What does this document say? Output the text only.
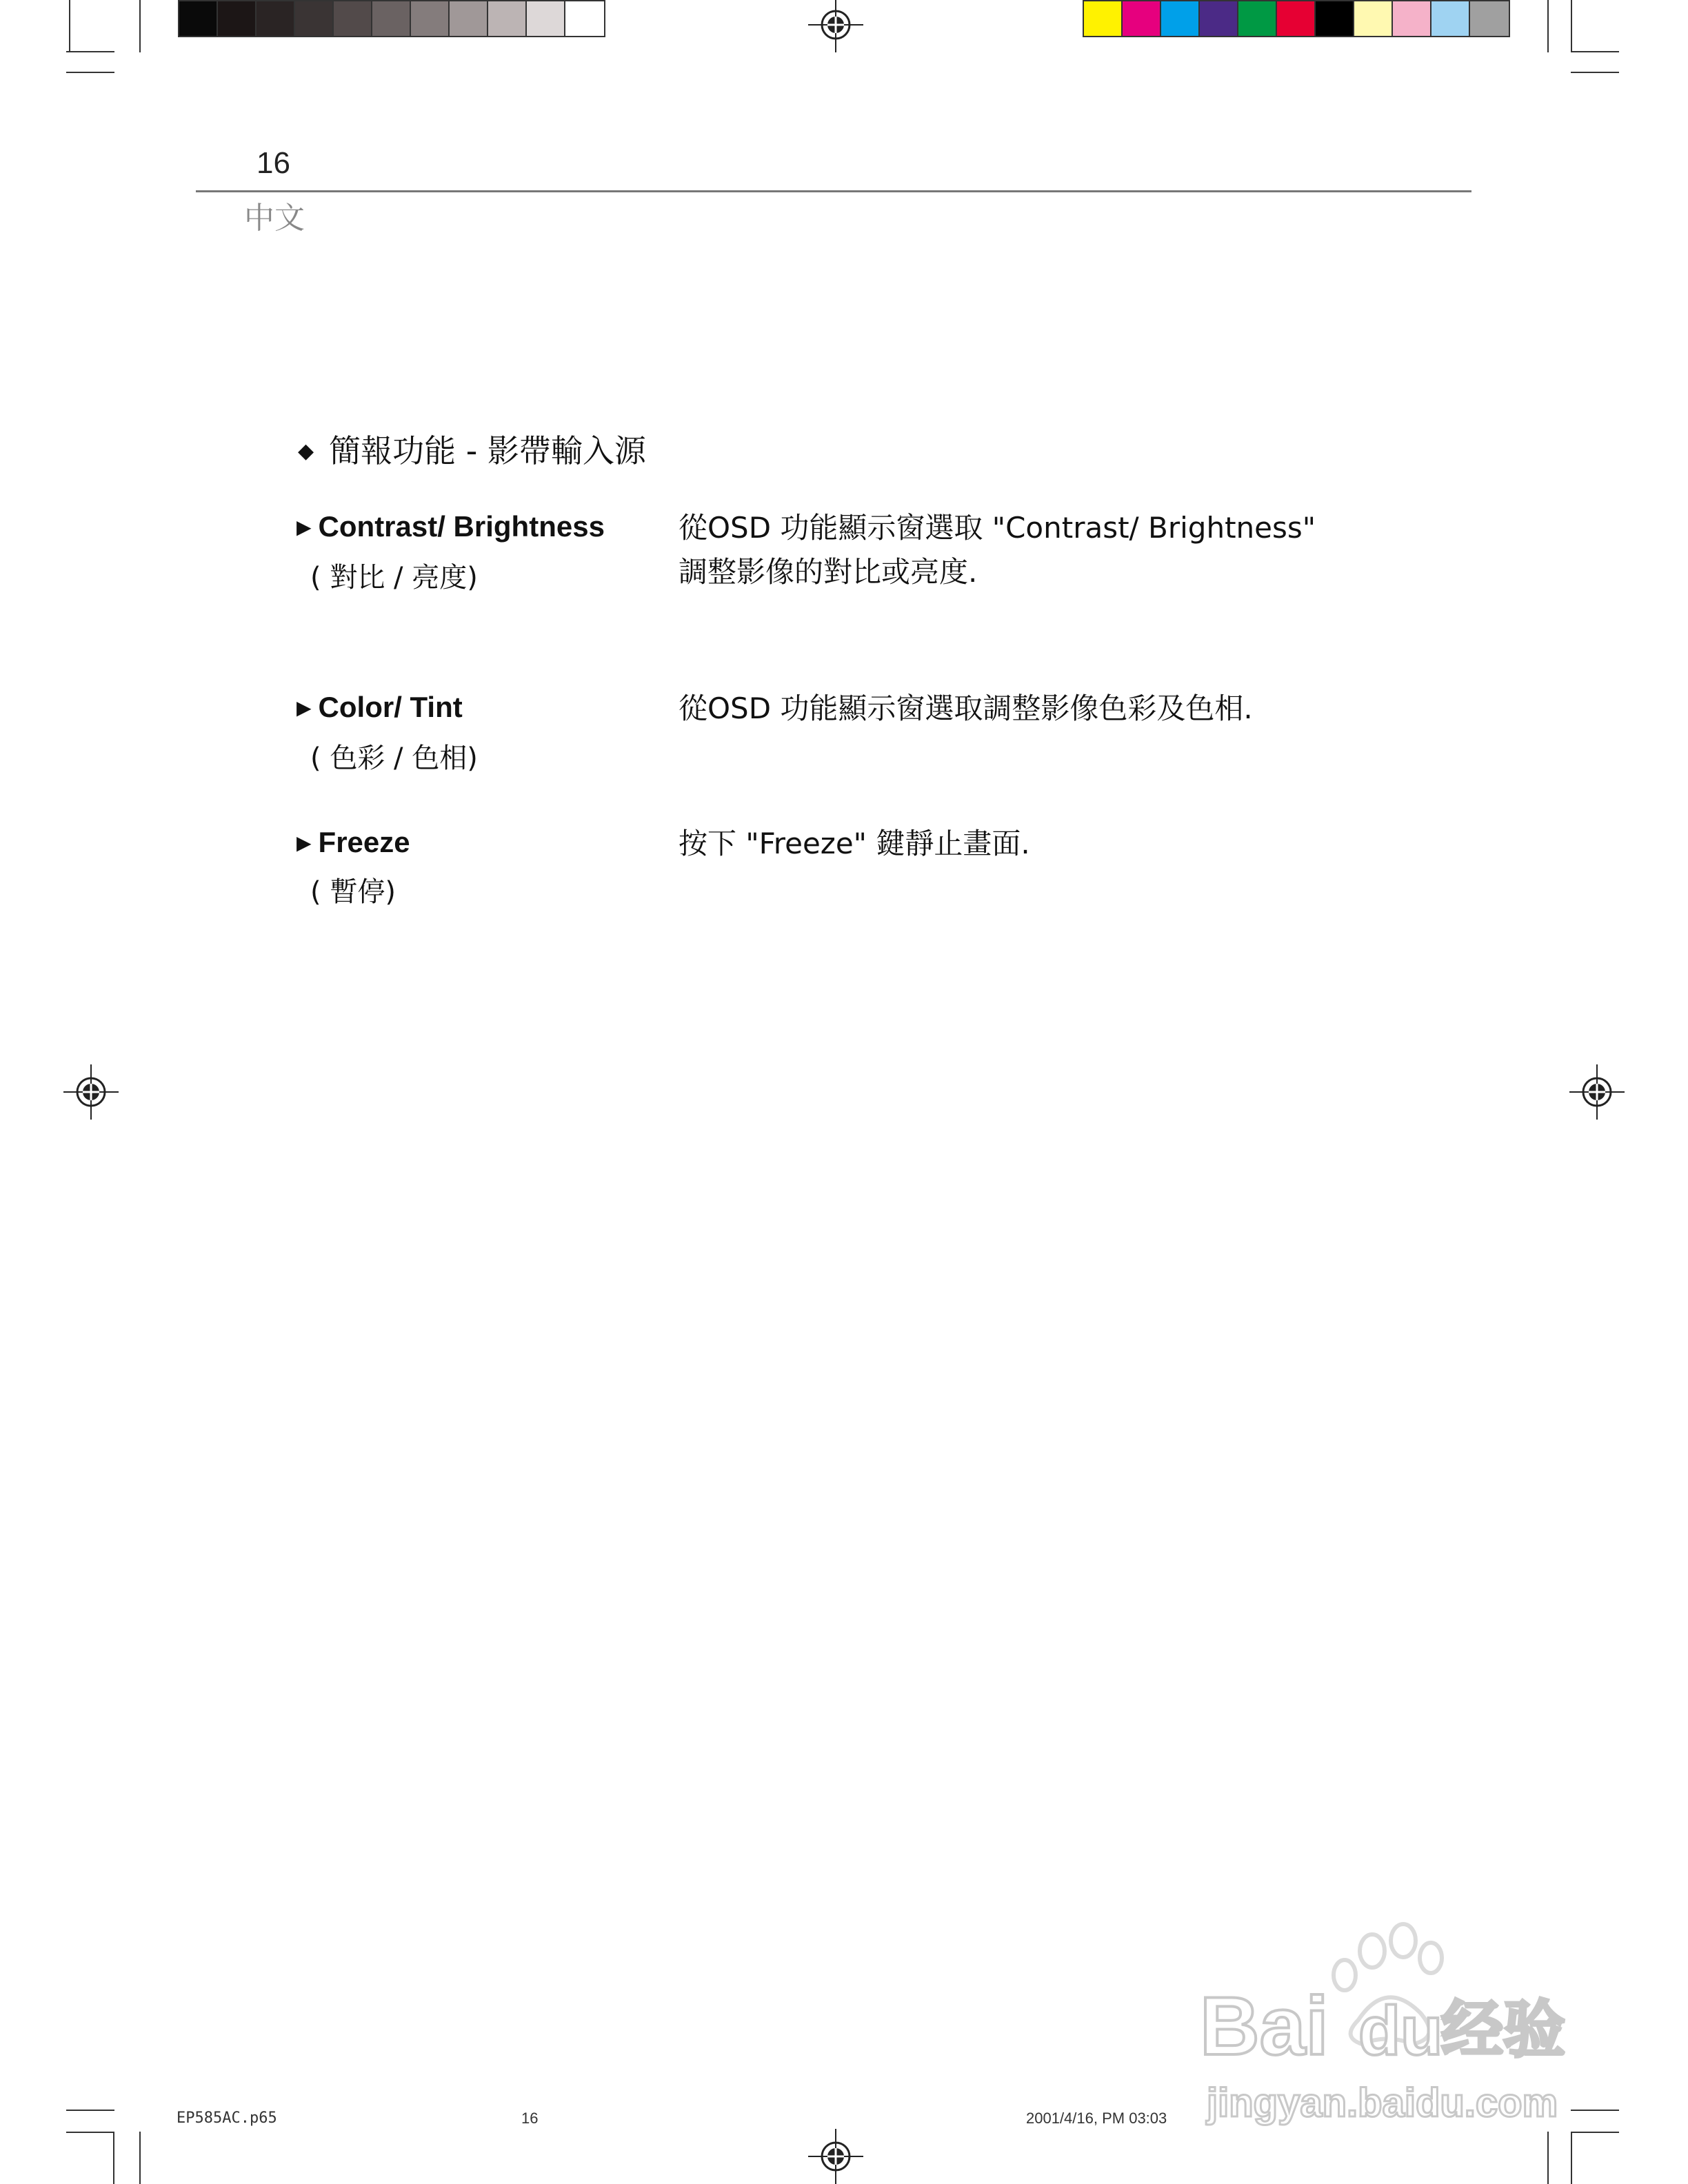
16
中文
◆ 簡報功能 - 影帶輸入源
▶ Contrast/ Brightness
( 對比 / 亮度)
從OSD 功能顯示窗選取 "Contrast/ Brightness"
調整影像的對比或亮度.
▶ Color/ Tint
( 色彩 / 色相)
從OSD 功能顯示窗選取調整影像色彩及色相.
▶ Freeze
( 暫停)
按下 "Freeze" 鍵靜止畫面.
Bai du
经验
jingyan.baidu.com
EP585AC.p65	16	2001/4/16, PM 03:03
